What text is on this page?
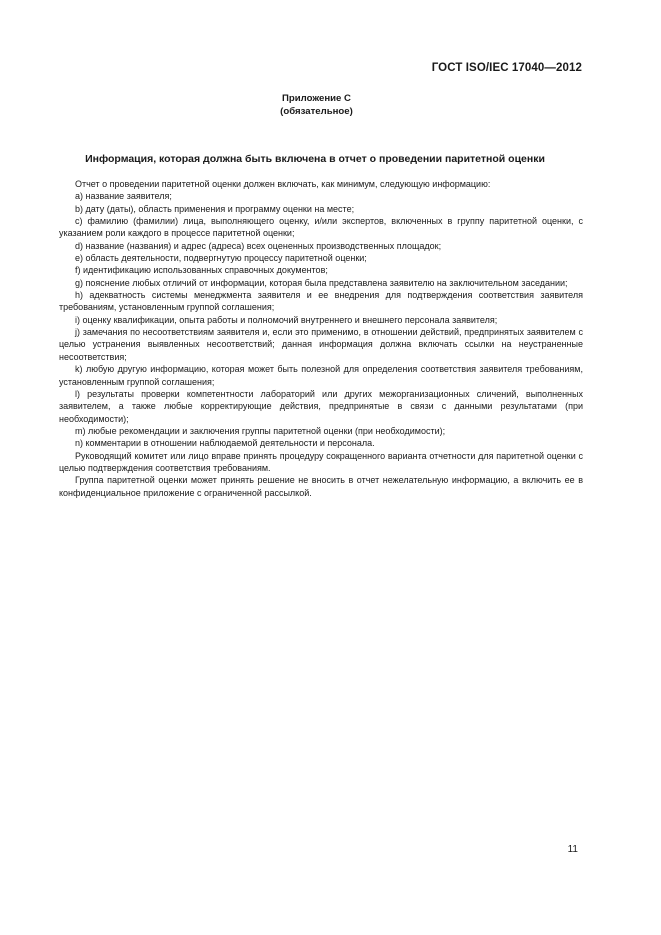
ГОСТ ISO/IEC 17040—2012
Приложение С
(обязательное)
Информация, которая должна быть включена в отчет о проведении паритетной оценки

Отчет о проведении паритетной оценки должен включать, как минимум, следующую информацию:

a) название заявителя;

b) дату (даты), область применения и программу оценки на месте;

c) фамилию (фамилии) лица, выполняющего оценку, и/или экспертов, включенных в группу паритетной оценки, с указанием роли каждого в процессе паритетной оценки;

d) название (названия) и адрес (адреса) всех оцененных производственных площадок;

e) область деятельности, подвергнутую процессу паритетной оценки;

f) идентификацию использованных справочных документов;

g) пояснение любых отличий от информации, которая была представлена заявителю на заключительном заседании;

h) адекватность системы менеджмента заявителя и ее внедрения для подтверждения соответствия заявителя требованиям, установленным группой соглашения;

i) оценку квалификации, опыта работы и полномочий внутреннего и внешнего персонала заявителя;

j) замечания по несоответствиям заявителя и, если это применимо, в отношении действий, предпринятых заявителем с целью устранения выявленных несоответствий; данная информация должна включать ссылки на неустраненные несоответствия;

k) любую другую информацию, которая может быть полезной для определения соответствия заявителя требованиям, установленным группой соглашения;

l) результаты проверки компетентности лабораторий или других межорганизационных сличений, выполненных заявителем, а также любые корректирующие действия, предпринятые в связи с данными результатами (при необходимости);

m) любые рекомендации и заключения группы паритетной оценки (при необходимости);

n) комментарии в отношении наблюдаемой деятельности и персонала.

Руководящий комитет или лицо вправе принять процедуру сокращенного варианта отчетности для паритетной оценки с целью подтверждения соответствия требованиям.

Группа паритетной оценки может принять решение не вносить в отчет нежелательную информацию, а включить ее в конфиденциальное приложение с ограниченной рассылкой.

11
